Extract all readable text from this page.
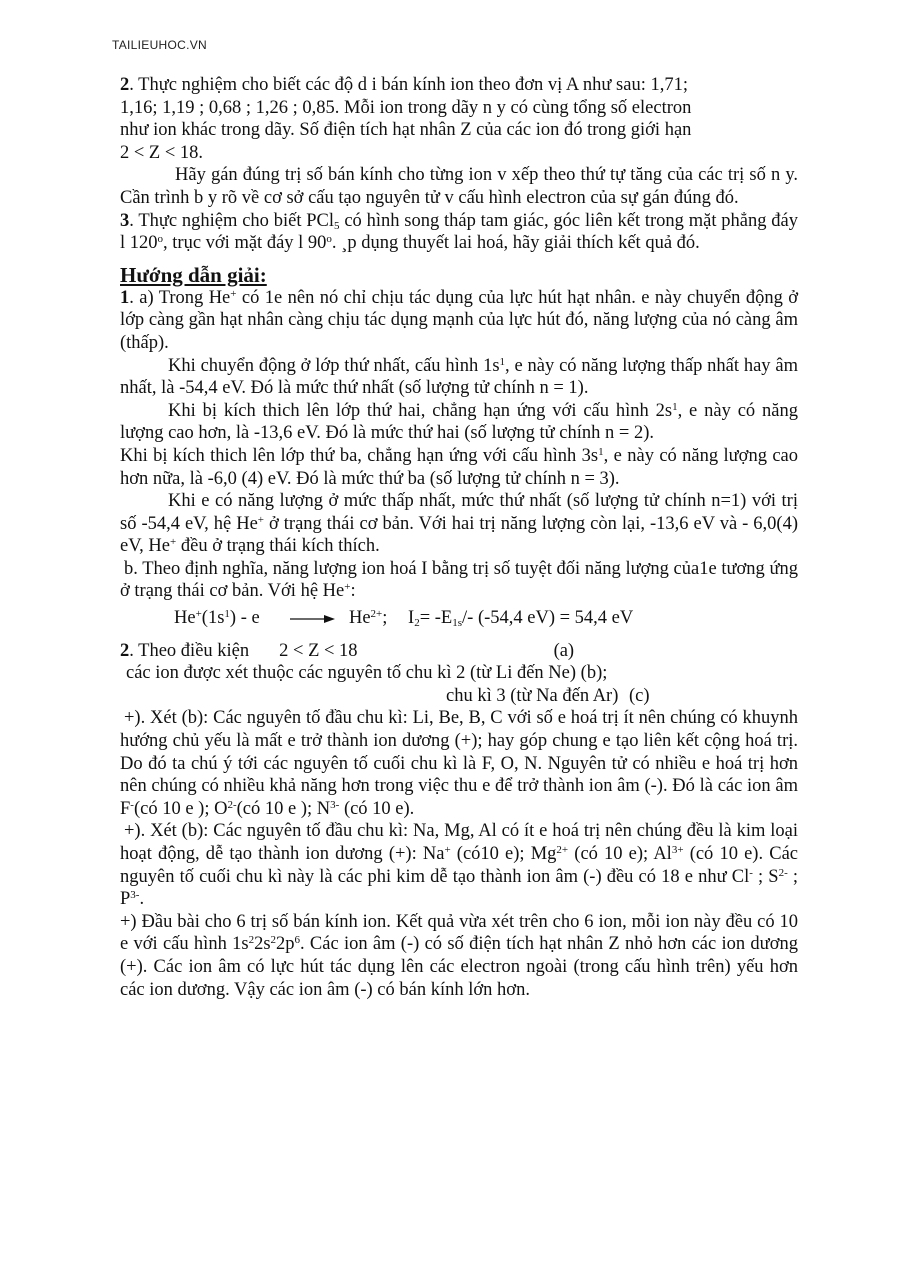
TAILIEUHOC.VN

2. Thực nghiệm cho biết các độ d i bán kính ion theo đơn vị A như sau: 1,71;
1,16; 1,19 ; 0,68 ; 1,26 ; 0,85. Mỗi ion trong dãy n y có cùng tổng số electron
như ion khác trong dãy. Số điện tích hạt nhân Z của các ion đó trong giới hạn
2 < Z < 18.

Hãy gán đúng trị số bán kính cho từng ion v xếp theo thứ tự tăng của các trị số n y. Cần trình b y rõ về cơ sở cấu tạo nguyên tử v cấu hình electron của sự gán đúng đó.

3. Thực nghiệm cho biết PCl$_5$ có hình song tháp tam giác, góc liên kết trong mặt phẳng đáy l 120$^o$, trục với mặt đáy l 90$^o$. ¸p dụng thuyết lai hoá, hãy giải thích kết quả đó.

Hướng dẫn giải:

1. a) Trong He+ có 1e nên nó chỉ chịu tác dụng của lực hút hạt nhân. e này chuyển động ở lớp càng gần hạt nhân càng chịu tác dụng mạnh của lực hút đó, năng lượng của nó càng âm (thấp).

Khi chuyển động ở lớp thứ nhất, cấu hình $1s^1$, e này có năng lượng thấp nhất hay âm nhất, là -54,4 eV. Đó là mức thứ nhất (số lượng tử chính n = 1).

Khi bị kích thich lên lớp thứ hai, chẳng hạn ứng với cấu hình $2s^1$, e này có năng lượng cao hơn, là -13,6 eV. Đó là mức thứ hai (số lượng tử chính n = 2).

Khi bị kích thich lên lớp thứ ba, chẳng hạn ứng với cấu hình $3s^1$, e này có năng lượng cao hơn nữa, là -6,0 (4) eV. Đó là mức thứ ba (số lượng tử chính n = 3).

Khi e có năng lượng ở mức thấp nhất, mức thứ nhất (số lượng tử chính n=1) với trị số -54,4 eV, hệ He+ ở trạng thái cơ bản. Với hai trị năng lượng còn lại, -13,6 eV và - 6,0(4) eV, He+ đều ở trạng thái kích thích.

b. Theo định nghĩa, năng lượng ion hoá I bằng trị số tuyệt đối năng lượng của1e tương ứng ở trạng thái cơ bản. Với hệ He+:

$He^+(1s^1) - e \to He^{2+}$; $I_2= -E_{1s}/-$ (-54,4 eV) = 54,4 eV

2. Theo điều kiện 2 < Z < 18	(a)

các ion được xét thuộc các nguyên tố chu kì 2 (từ Li đến Ne) (b);

chu kì 3 (từ Na đến Ar) (c)

+). Xét (b): Các nguyên tố đầu chu kì: Li, Be, B, C với số e hoá trị ít nên chúng có khuynh hướng chủ yếu là mất e trở thành ion dương (+); hay góp chung e tạo liên kết cộng hoá trị. Do đó ta chú ý tới các nguyên tố cuối chu kì là F, O, N. Nguyên tử có nhiều e hoá trị hơn nên chúng có nhiều khả năng hơn trong việc thu e để trở thành ion âm (-). Đó là các ion âm F-(có 10 e ); $O^{2-}(có$ 10 e ); $N^{3-}$ (có 10 e).

+). Xét (b): Các nguyên tố đầu chu kì: Na, Mg, Al có ít e hoá trị nên chúng đều là kim loại hoạt động, dễ tạo thành ion dương (+): Na+ (có10 e); $Mg^{2+}$ (có 10 e); $Al^{3+}$ (có 10 e). Các nguyên tố cuối chu kì này là các phi kim dễ tạo thành ion âm (-) đều có 18 e như Cl- ; $S^{2-}$ ; $P^{3-}$.

+) Đầu bài cho 6 trị số bán kính ion. Kết quả vừa xét trên cho 6 ion, mỗi ion này đều có 10 e với cấu hình $1s^22s^22p^6$. Các ion âm (-) có số điện tích hạt nhân Z nhỏ hơn các ion dương (+). Các ion âm có lực hút tác dụng lên các electron ngoài (trong cấu hình trên) yếu hơn các ion dương. Vậy các ion âm (-) có bán kính lớn hơn.
